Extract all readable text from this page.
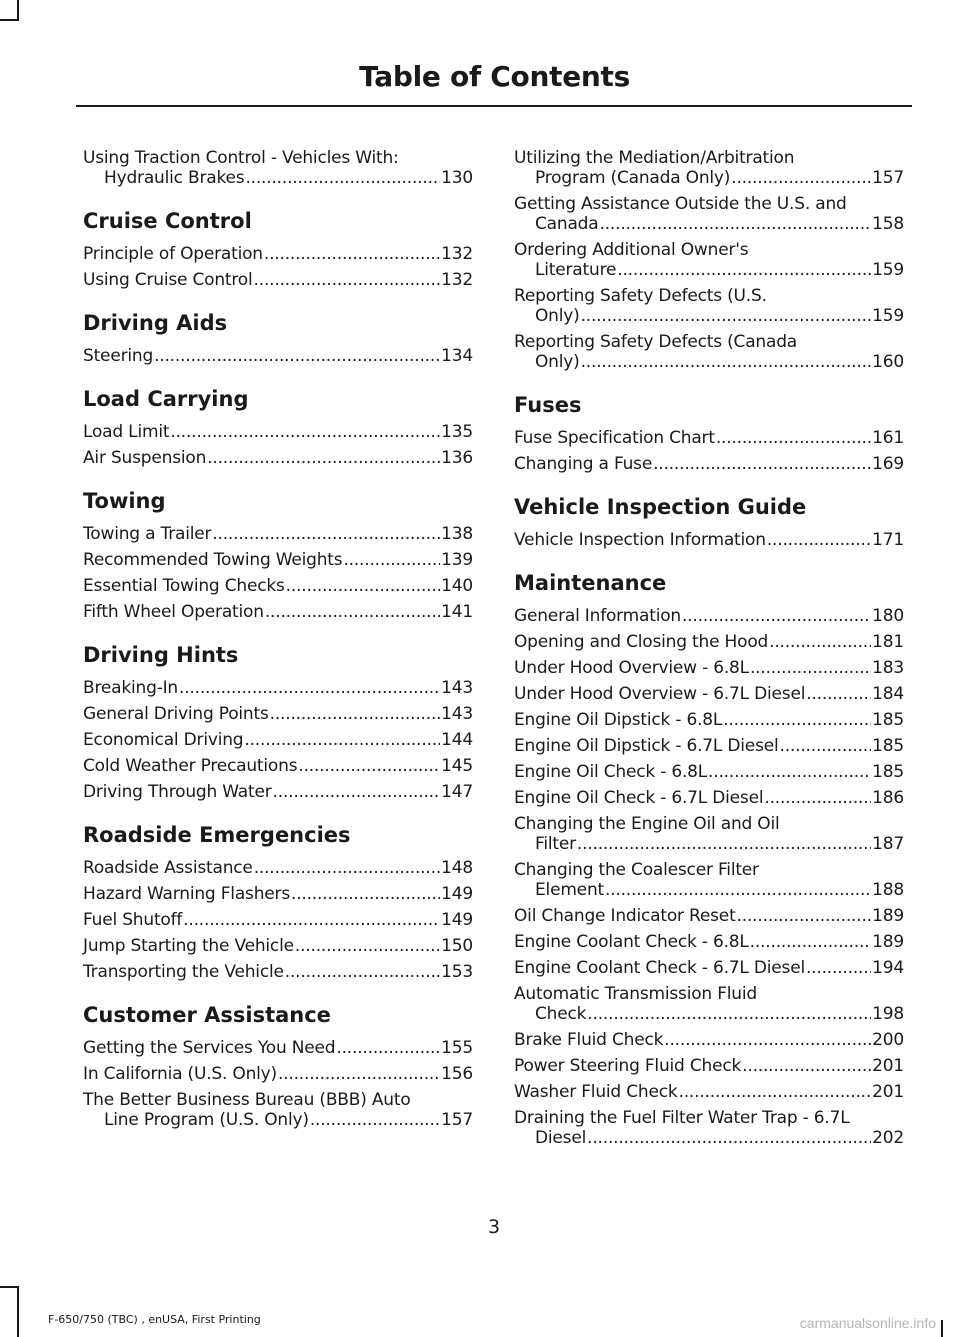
Table of Contents
Using Traction Control - Vehicles With:
Hydraulic Brakes .....	130
Cruise Control
Principle of Operation .....	132
Using Cruise Control .....	132
Driving Aids
Steering .....	134
Load Carrying
Load Limit .....	135
Air Suspension .....	136
Towing
Towing a Trailer .....	138
Recommended Towing Weights .....	139
Essential Towing Checks .....	140
Fifth Wheel Operation .....	141
Driving Hints
Breaking-In .....	143
General Driving Points .....	143
Economical Driving .....	144
Cold Weather Precautions .....	145
Driving Through Water .....	147
Roadside Emergencies
Roadside Assistance .....	148
Hazard Warning Flashers .....	149
Fuel Shutoff .....	149
Jump Starting the Vehicle .....	150
Transporting the Vehicle .....	153
Customer Assistance
Getting the Services You Need .....	155
In California (U.S. Only) .....	156
The Better Business Bureau (BBB) Auto
Line Program (U.S. Only) .....	157
Utilizing the Mediation/Arbitration
Program (Canada Only) .....	157
Getting Assistance Outside the U.S. and
Canada .....	158
Ordering Additional Owner's
Literature .....	159
Reporting Safety Defects (U.S.
Only) .....	159
Reporting Safety Defects (Canada
Only) .....	160
Fuses
Fuse Specification Chart .....	161
Changing a Fuse .....	169
Vehicle Inspection Guide
Vehicle Inspection Information .....	171
Maintenance
General Information .....	180
Opening and Closing the Hood .....	181
Under Hood Overview - 6.8L .....	183
Under Hood Overview - 6.7L Diesel .....	184
Engine Oil Dipstick - 6.8L .....	185
Engine Oil Dipstick - 6.7L Diesel .....	185
Engine Oil Check - 6.8L .....	185
Engine Oil Check - 6.7L Diesel .....	186
Changing the Engine Oil and Oil
Filter .....	187
Changing the Coalescer Filter
Element .....	188
Oil Change Indicator Reset .....	189
Engine Coolant Check - 6.8L .....	189
Engine Coolant Check - 6.7L Diesel .....	194
Automatic Transmission Fluid
Check .....	198
Brake Fluid Check .....	200
Power Steering Fluid Check .....	201
Washer Fluid Check .....	201
Draining the Fuel Filter Water Trap - 6.7L
Diesel .....	202
3
F-650/750 (TBC) , enUSA, First Printing	carmanualsonline.info
